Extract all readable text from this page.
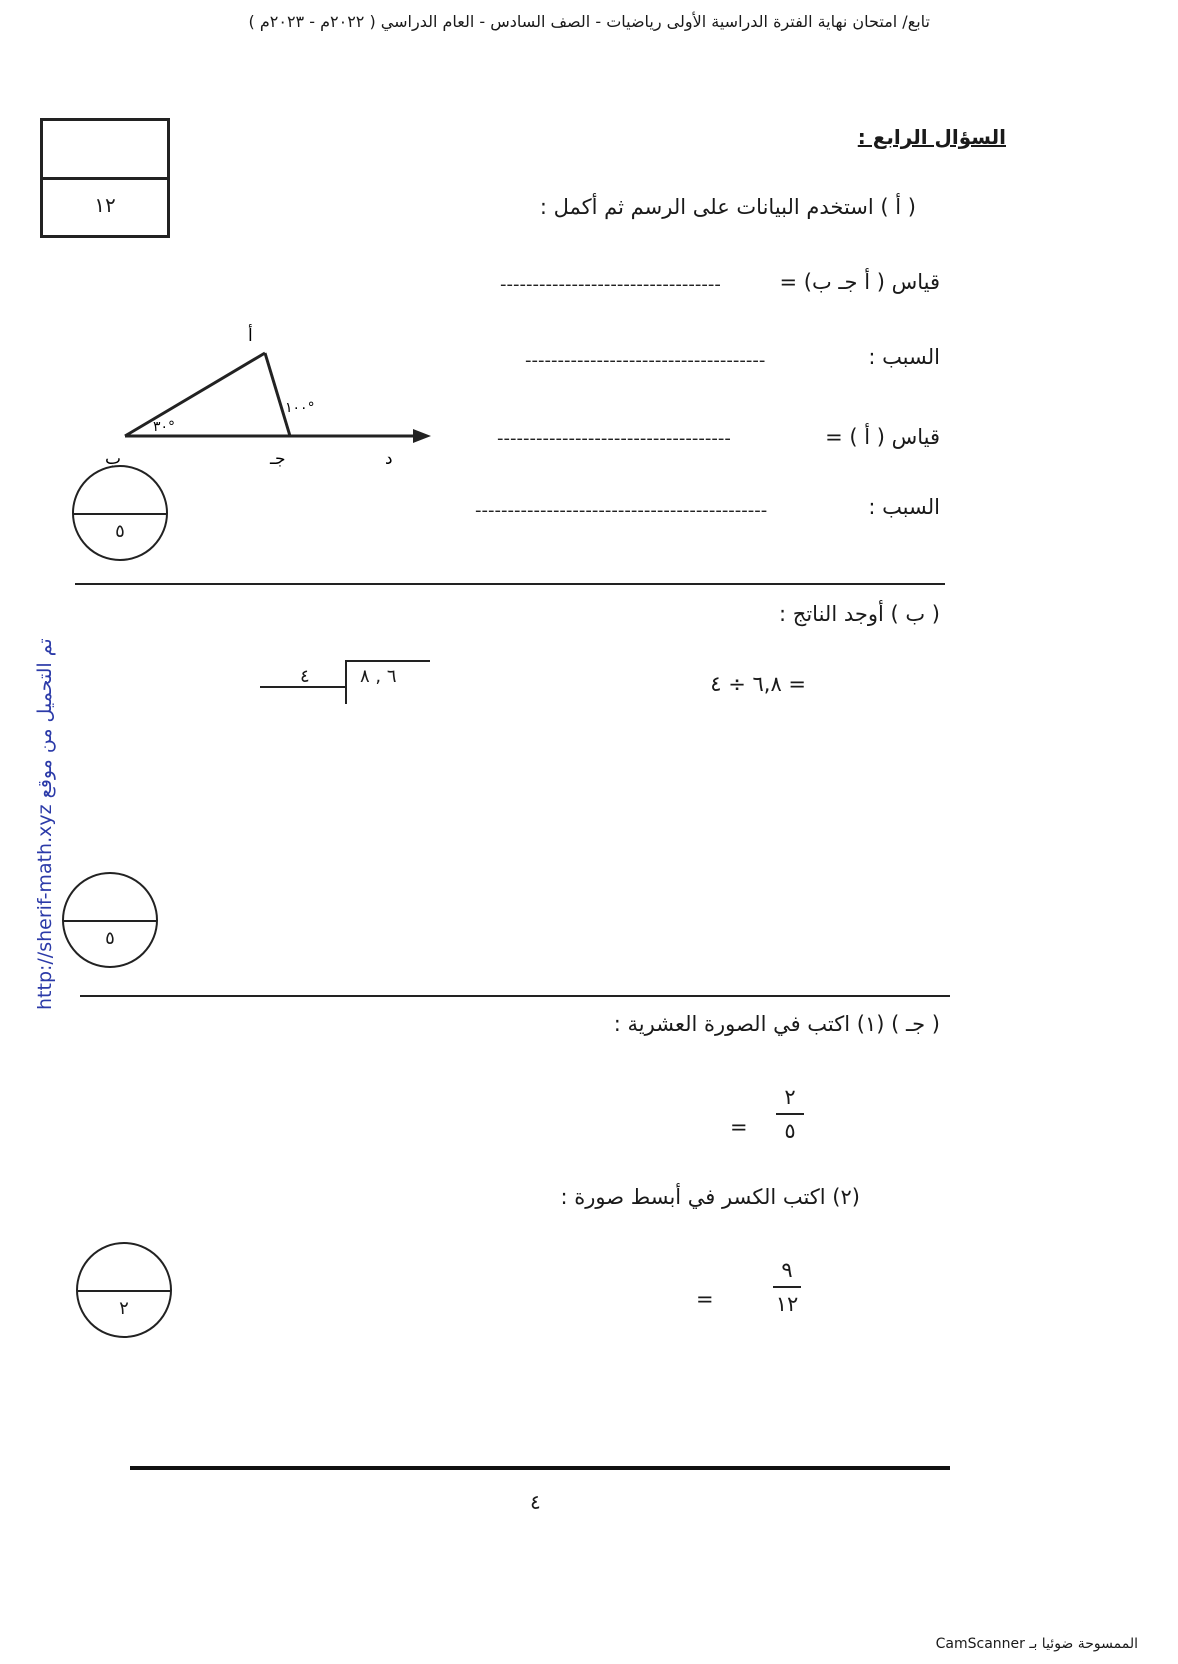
تابع/ امتحان نهاية الفترة الدراسية الأولى رياضيات - الصف السادس - العام الدراسي ( ٢٠٢٢م - ٢٠٢٣م )
السؤال الرابع :
١٢	( أ ) استخدم البيانات على الرسم ثم أكمل :
قياس ( أ جـ ب) =
----------------------------------
السبب :
-------------------------------------
قياس ( أ ) =
------------------------------------
السبب :
---------------------------------------------
أ
ب	جـ	د
٣٠°
١٠٠°
٥
( ب ) أوجد الناتج :
٦,٨ ÷ ٤ =
٤	٦ , ٨
٥
( جـ ) (١) اكتب في الصورة العشرية :
٢
٥
=
(٢) اكتب الكسر في أبسط صورة :
٩
١٢
=
٢
٤
http://sherif-math.xyz تم التحميل من موقع
الممسوحة ضوئيا بـ CamScanner
